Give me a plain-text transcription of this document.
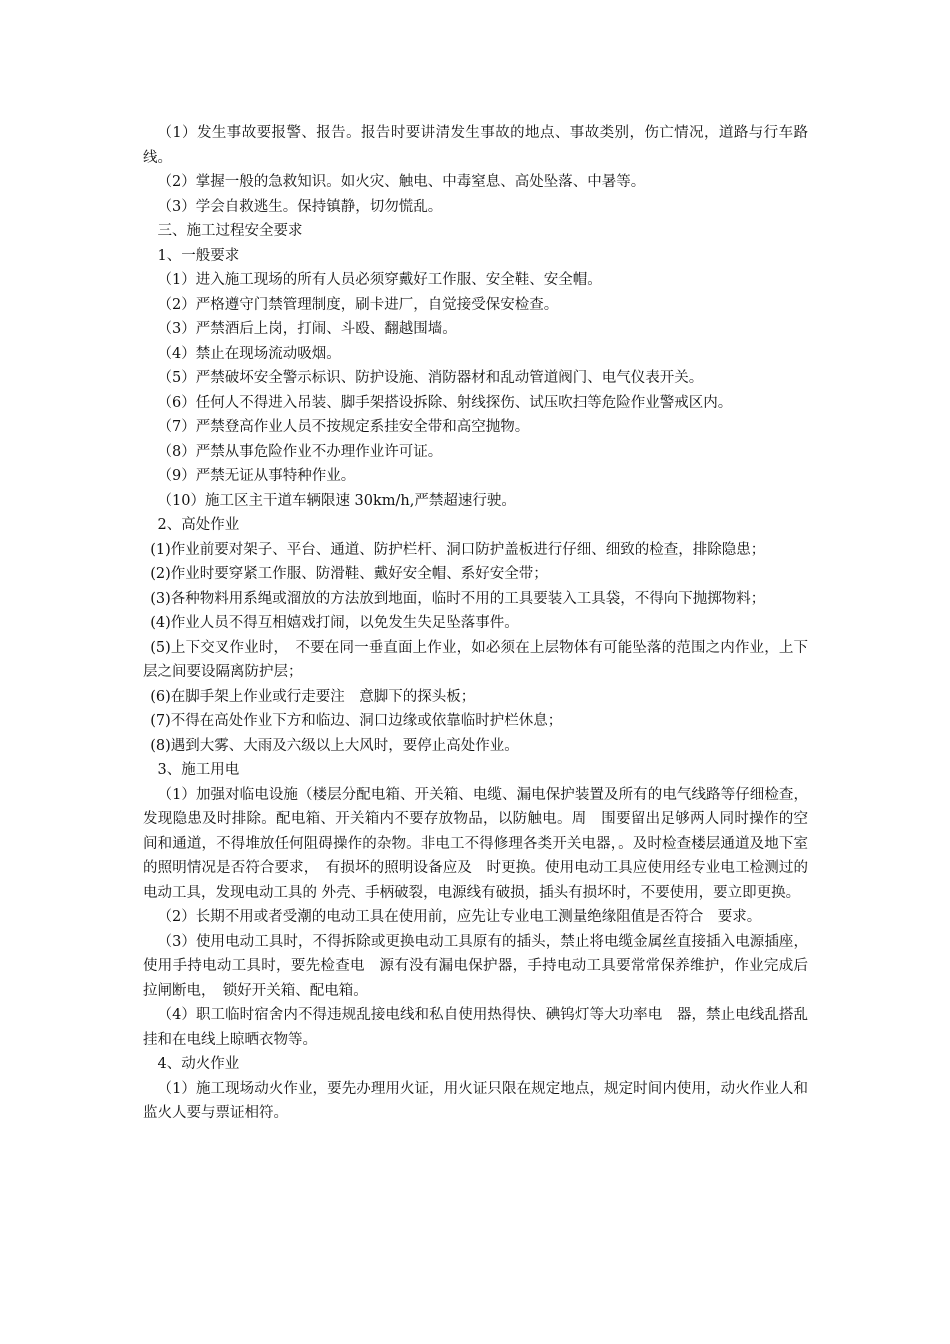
（1）发生事故要报警、报告。报告时要讲清发生事故的地点、事故类别，伤亡情况，道路与行车路线。

（2）掌握一般的急救知识。如火灾、触电、中毒窒息、高处坠落、中暑等。

（3）学会自救逃生。保持镇静，切勿慌乱。

三、施工过程安全要求

1、一般要求

（1）进入施工现场的所有人员必须穿戴好工作服、安全鞋、安全帽。

（2）严格遵守门禁管理制度，刷卡进厂，自觉接受保安检查。

（3）严禁酒后上岗，打闹、斗殴、翻越围墙。

（4）禁止在现场流动吸烟。

（5）严禁破坏安全警示标识、防护设施、消防器材和乱动管道阀门、电气仪表开关。

（6）任何人不得进入吊装、脚手架搭设拆除、射线探伤、试压吹扫等危险作业警戒区内。

（7）严禁登高作业人员不按规定系挂安全带和高空抛物。

（8）严禁从事危险作业不办理作业许可证。

（9）严禁无证从事特种作业。

（10）施工区主干道车辆限速 30km/h,严禁超速行驶。

2、高处作业

(1)作业前要对架子、平台、通道、防护栏杆、洞口防护盖板进行仔细、细致的检查，排除隐患；

(2)作业时要穿紧工作服、防滑鞋、戴好安全帽、系好安全带；

(3)各种物料用系绳或溜放的方法放到地面，临时不用的工具要装入工具袋，不得向下抛掷物料；

(4)作业人员不得互相嬉戏打闹，以免发生失足坠落事件。

(5)上下交叉作业时，　不要在同一垂直面上作业，如必须在上层物体有可能坠落的范围之内作业，上下层之间要设隔离防护层；

(6)在脚手架上作业或行走要注　意脚下的探头板；

(7)不得在高处作业下方和临边、洞口边缘或依靠临时护栏休息；

(8)遇到大雾、大雨及六级以上大风时，要停止高处作业。

3、施工用电

（1）加强对临电设施（楼层分配电箱、开关箱、电缆、漏电保护装置及所有的电气线路等仔细检查，发现隐患及时排除。配电箱、开关箱内不要存放物品，以防触电。周　围要留出足够两人同时操作的空间和通道，不得堆放任何阻碍操作的杂物。非电工不得修理各类开关电器，。及时检查楼层通道及地下室的照明情况是否符合要求，　有损坏的照明设备应及　时更换。使用电动工具应使用经专业电工检测过的电动工具，发现电动工具的 外壳、手柄破裂，电源线有破损，插头有损坏时，不要使用，要立即更换。

（2）长期不用或者受潮的电动工具在使用前，应先让专业电工测量绝缘阻值是否符合　要求。

（3）使用电动工具时，不得拆除或更换电动工具原有的插头，禁止将电缆金属丝直接插入电源插座，使用手持电动工具时，要先检查电　源有没有漏电保护器，手持电动工具要常常保养维护，作业完成后拉闸断电，　锁好开关箱、配电箱。

（4）职工临时宿舍内不得违规乱接电线和私自使用热得快、碘钨灯等大功率电　器，禁止电线乱搭乱挂和在电线上晾晒衣物等。

4、动火作业

（1）施工现场动火作业，要先办理用火证，用火证只限在规定地点，规定时间内使用，动火作业人和监火人要与票证相符。
